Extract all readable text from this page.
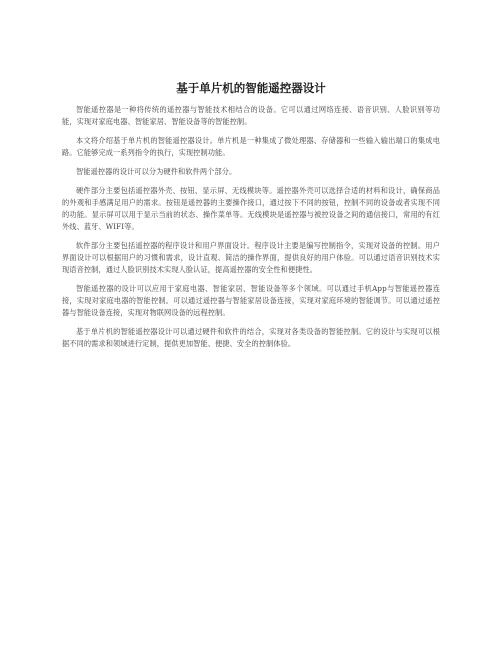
基于单片机的智能遥控器设计

智能遥控器是一种将传统的遥控器与智能技术相结合的设备。它可以通过网络连接、语音识别、人脸识别等功能，实现对家庭电器、智能家居、智能设备等的智能控制。

本文将介绍基于单片机的智能遥控器设计。单片机是一种集成了微处理器、存储器和一些输入输出端口的集成电路。它能够完成一系列指令的执行，实现控制功能。

智能遥控器的设计可以分为硬件和软件两个部分。

硬件部分主要包括遥控器外壳、按钮、显示屏、无线模块等。遥控器外壳可以选择合适的材料和设计，确保商品的外观和手感满足用户的需求。按钮是遥控器的主要操作接口，通过按下不同的按钮，控制不同的设备或者实现不同的功能。显示屏可以用于显示当前的状态、操作菜单等。无线模块是遥控器与被控设备之间的通信接口，常用的有红外线、蓝牙、WIFI等。

软件部分主要包括遥控器的程序设计和用户界面设计。程序设计主要是编写控制指令，实现对设备的控制。用户界面设计可以根据用户的习惯和需求，设计直观、简洁的操作界面，提供良好的用户体验。可以通过语音识别技术实现语音控制，通过人脸识别技术实现人脸认证，提高遥控器的安全性和便捷性。

智能遥控器的设计可以应用于家庭电器、智能家居、智能设备等多个领域。可以通过手机App与智能遥控器连接，实现对家庭电器的智能控制。可以通过遥控器与智能家居设备连接，实现对家庭环境的智能调节。可以通过遥控器与智能设备连接，实现对物联网设备的远程控制。

基于单片机的智能遥控器设计可以通过硬件和软件的结合，实现对各类设备的智能控制。它的设计与实现可以根据不同的需求和领域进行定制，提供更加智能、便捷、安全的控制体验。
